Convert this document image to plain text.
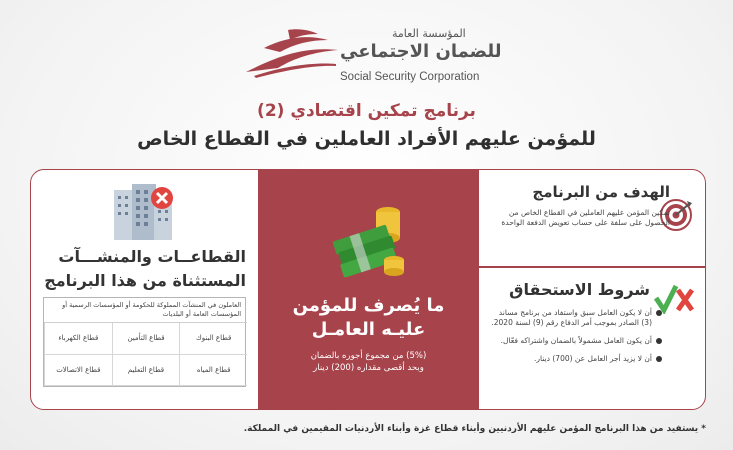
المؤسسة العامة
للضمان الاجتماعي
Social Security Corporation
برنامج تمكين اقتصادي (2)
للمؤمن عليهم الأفراد العاملين في القطاع الخاص
القطاعــات والمنشـــآت
المستثناة من هذا البرنامج
العاملون في المنشآت المملوكة للحكومة أو المؤسسات الرسمية أو المؤسسات العامة أو البلديات
قطاع البنوك
قطاع التأمين
قطاع الكهرباء
قطاع المياه
قطاع التعليم
قطاع الاتصالات
ما يُصرف للمؤمن
عليـه العامـل
(5%) من مجموع أجوره بالضمان
وبحد أقصى مقداره (200) دينار
الهدف من البرنامج
تمكين المؤمن عليهم العاملين في القطاع الخاص من الحصول على سلفة على حساب تعويض الدفعة الواحدة
شروط الاستحقاق
أن لا يكون العامل سبق واستفاد من برنامج مساند (3) الصادر بموجب أمر الدفاع رقم (9) لسنة 2020.
أن يكون العامل مشمولاً بالضمان واشتراكه فعّال.
أن لا يزيد أجر العامل عن (700) دينار.
* يستفيد من هذا البرنامج المؤمن عليهم الأردنيين وأبناء قطاع غزة وأبناء الأردنيات المقيمين في المملكة.
